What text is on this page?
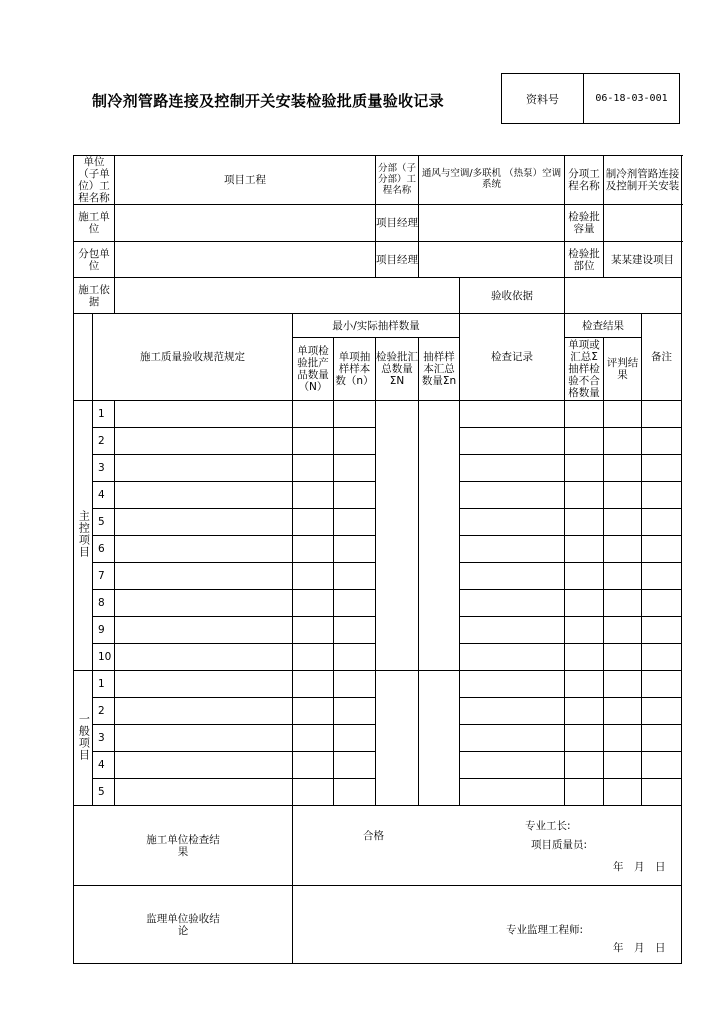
制冷剂管路连接及控制开关安装检验批质量验收记录	资料号	06-18-03-001
单位（子单位）工程名称		项目工程			分部（子分部）工程名称	通风与空调/多联机 （热泵）空调系统		分项工程名称	制冷剂管路连接及控制开关安装	
施工单位					项目经理			检验批容量		
分包单位					项目经理			检验批部位	某某建设项目	
施工依据							验收依据			
	施工质量验收规范规定		最小/实际抽样数量				检查记录	检查结果		备注
			单项检验批产品数量（N）	单项抽样样本数（n）	检验批汇总数量ΣN	抽样样本汇总数量Σn		单项或汇总Σ抽样检验不合格数量	评判结果	
主控项目	1									
	2									
	3									
	4									
	5									
	6									
	7									
	8									
	9									
	10									
一般项目	1									
	2									
	3									
	4									
	5									

施工单位检查结果			合格
专业工长:
项目质量员:
年　月　日							

监理单位验收结论			专业监理工程师:
年　月　日							
